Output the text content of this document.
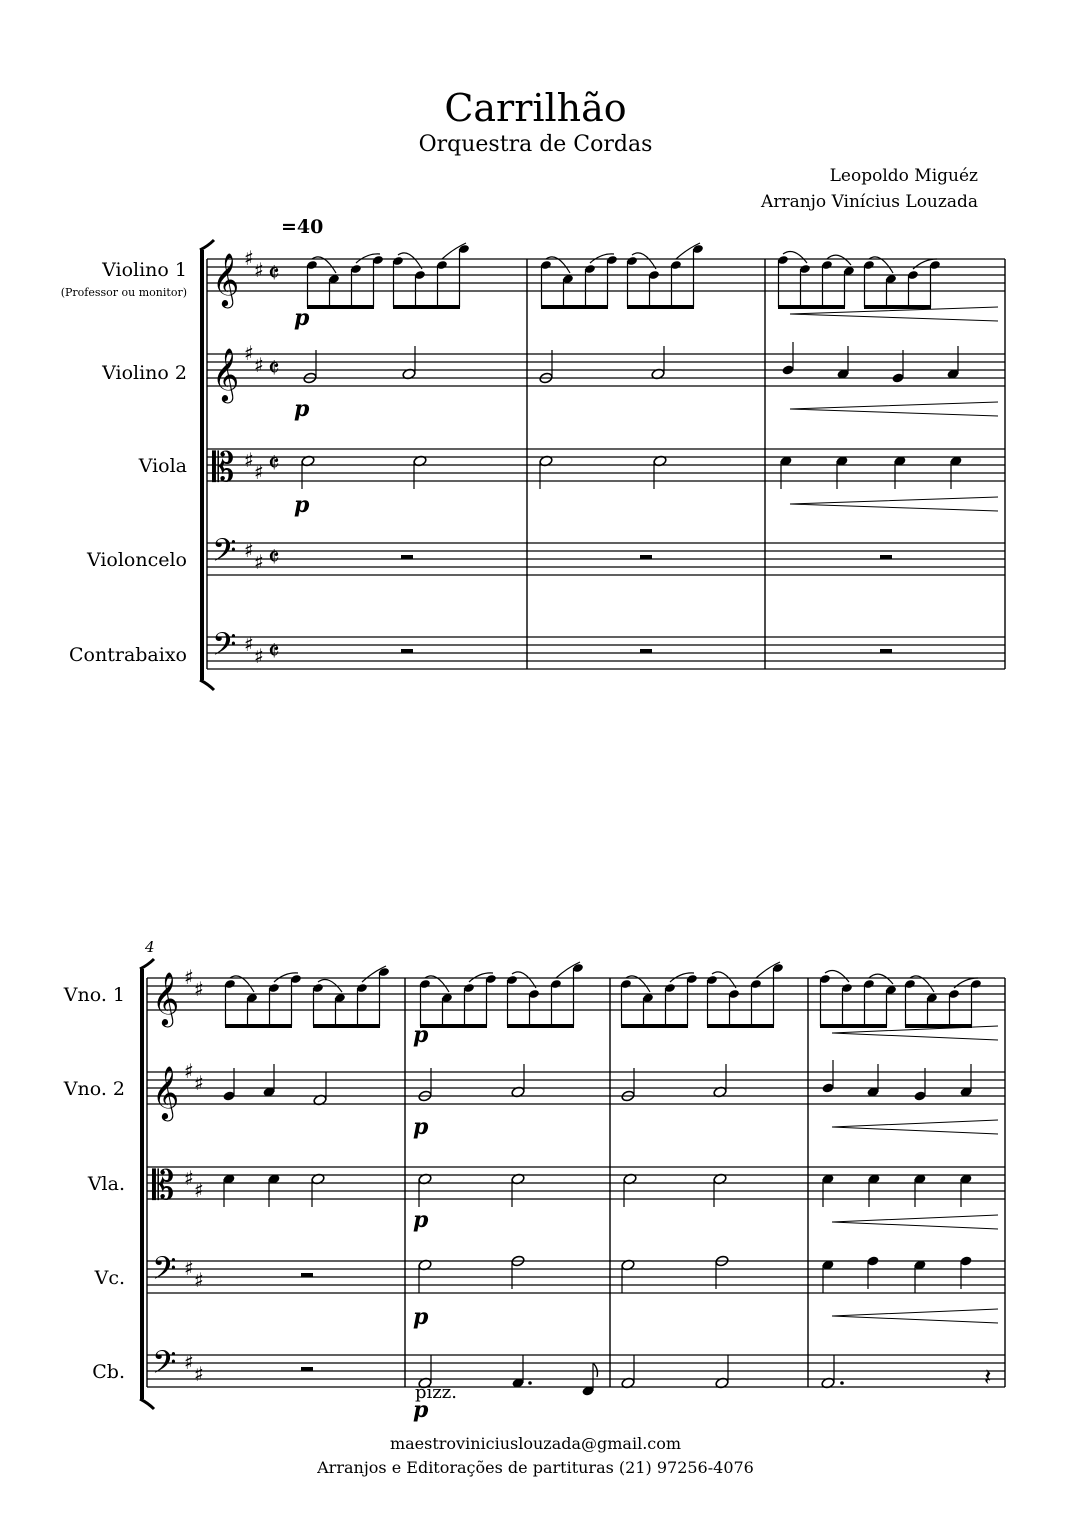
Carrilhão
Orquestra de Cordas
Leopoldo Miguéz
Arranjo Vinícius Louzada
Violino 1
(Professor ou monitor)
Violino 2
Viola
Violoncelo
Contrabaixo
Vno. 1
Vno. 2
Vla.
Vc.
Cb.
𝄞 ♯ ♯ 𝄵
𝄞 ♯ ♯ 𝄵
𝄡 ♯ ♯ 𝄵
𝄢 ♯ ♯ 𝄵
𝄢 ♯ ♯ 𝄵
p
p
p
𝄞 ♯ ♯
𝄞 ♯ ♯
𝄡 ♯ ♯
𝄢 ♯ ♯
𝄢 ♯ ♯
p
p
p
p
𝄽
p
=40
4
pizz.
maestroviniciuslouzada@gmail.com
Arranjos e Editorações de partituras (21) 97256-4076
